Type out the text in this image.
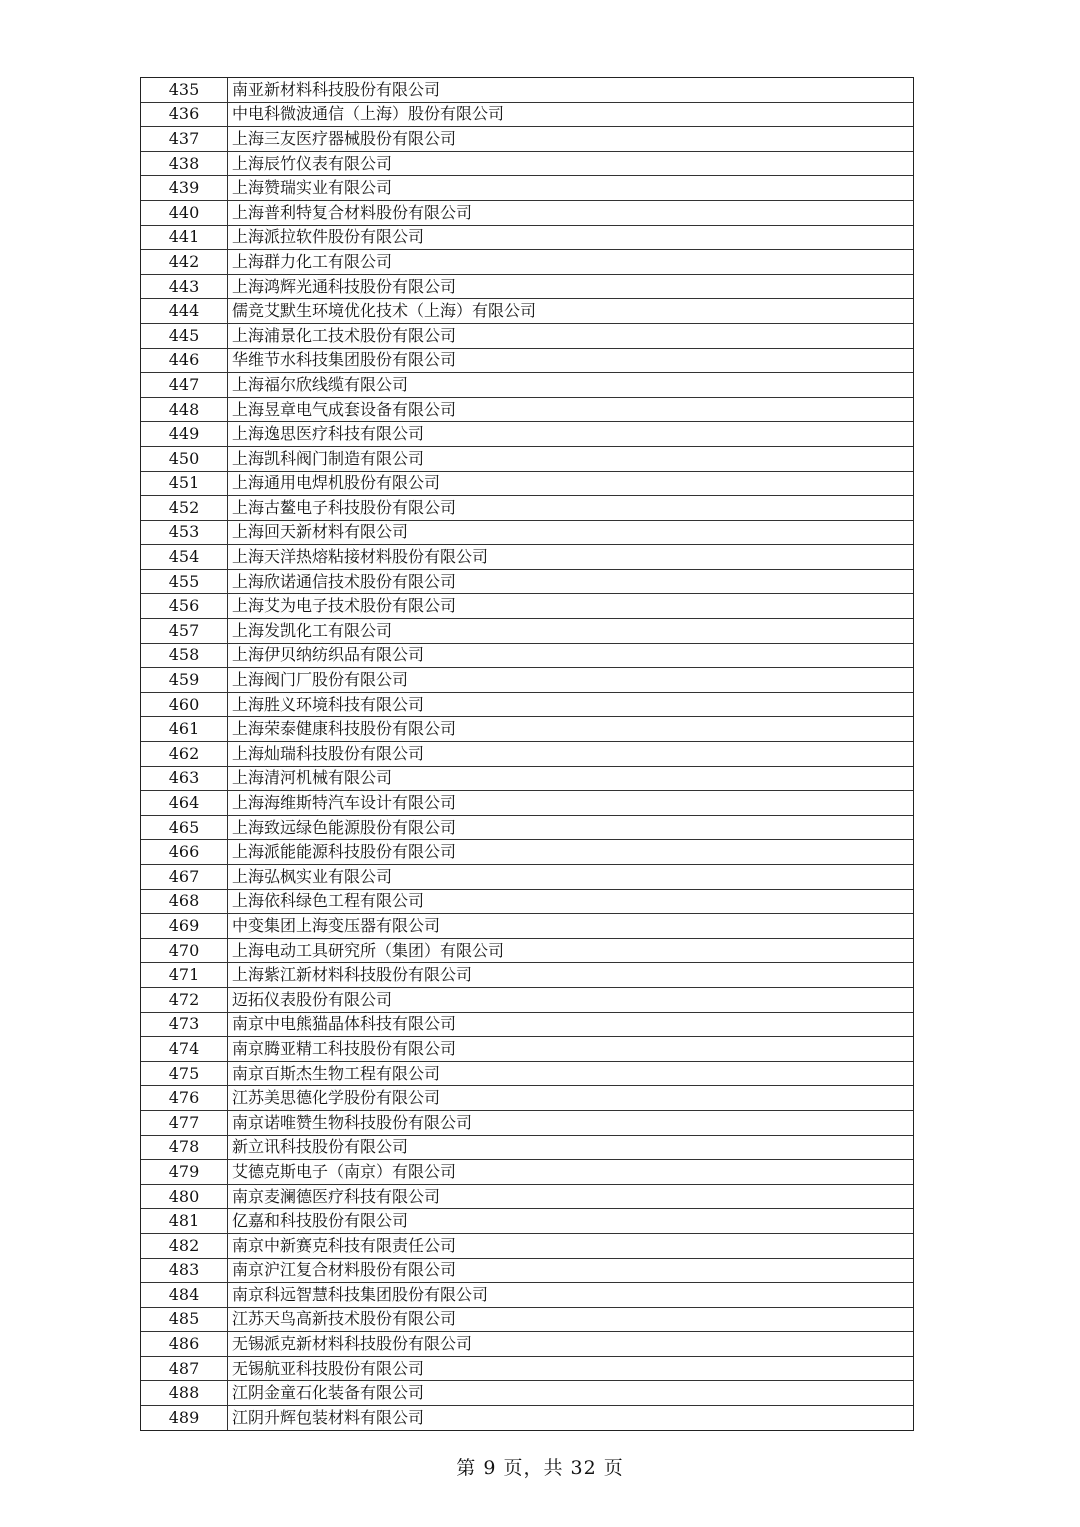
435	南亚新材料科技股份有限公司
436	中电科微波通信（上海）股份有限公司
437	上海三友医疗器械股份有限公司
438	上海辰竹仪表有限公司
439	上海赞瑞实业有限公司
440	上海普利特复合材料股份有限公司
441	上海派拉软件股份有限公司
442	上海群力化工有限公司
443	上海鸿辉光通科技股份有限公司
444	儒竞艾默生环境优化技术（上海）有限公司
445	上海浦景化工技术股份有限公司
446	华维节水科技集团股份有限公司
447	上海福尔欣线缆有限公司
448	上海昱章电气成套设备有限公司
449	上海逸思医疗科技有限公司
450	上海凯科阀门制造有限公司
451	上海通用电焊机股份有限公司
452	上海古鳌电子科技股份有限公司
453	上海回天新材料有限公司
454	上海天洋热熔粘接材料股份有限公司
455	上海欣诺通信技术股份有限公司
456	上海艾为电子技术股份有限公司
457	上海发凯化工有限公司
458	上海伊贝纳纺织品有限公司
459	上海阀门厂股份有限公司
460	上海胜义环境科技有限公司
461	上海荣泰健康科技股份有限公司
462	上海灿瑞科技股份有限公司
463	上海清河机械有限公司
464	上海海维斯特汽车设计有限公司
465	上海致远绿色能源股份有限公司
466	上海派能能源科技股份有限公司
467	上海弘枫实业有限公司
468	上海依科绿色工程有限公司
469	中变集团上海变压器有限公司
470	上海电动工具研究所（集团）有限公司
471	上海紫江新材料科技股份有限公司
472	迈拓仪表股份有限公司
473	南京中电熊猫晶体科技有限公司
474	南京腾亚精工科技股份有限公司
475	南京百斯杰生物工程有限公司
476	江苏美思德化学股份有限公司
477	南京诺唯赞生物科技股份有限公司
478	新立讯科技股份有限公司
479	艾德克斯电子（南京）有限公司
480	南京麦澜德医疗科技有限公司
481	亿嘉和科技股份有限公司
482	南京中新赛克科技有限责任公司
483	南京沪江复合材料股份有限公司
484	南京科远智慧科技集团股份有限公司
485	江苏天鸟高新技术股份有限公司
486	无锡派克新材料科技股份有限公司
487	无锡航亚科技股份有限公司
488	江阴金童石化装备有限公司
489	江阴升辉包装材料有限公司
第 9 页，共 32 页
